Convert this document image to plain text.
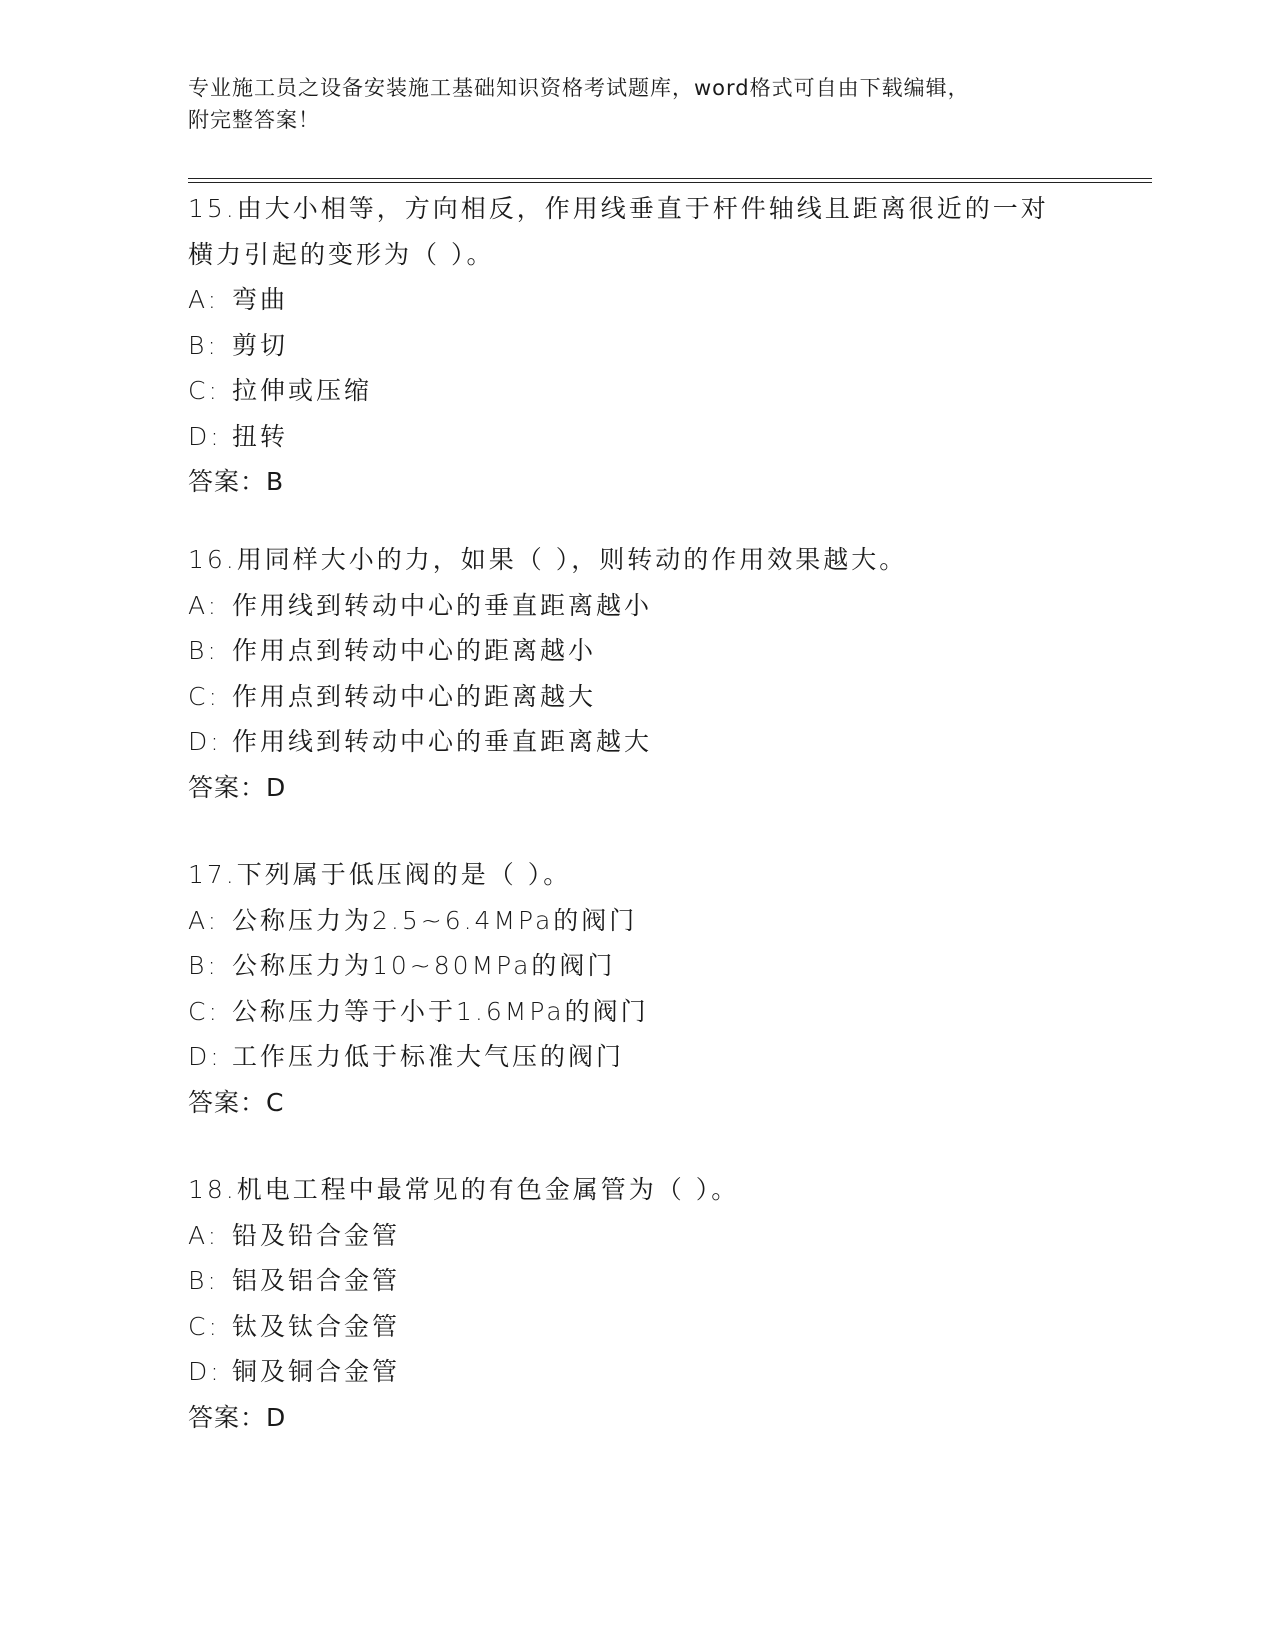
专业施工员之设备安装施工基础知识资格考试题库，word格式可自由下载编辑，
附完整答案！
15.由大小相等，方向相反，作用线垂直于杆件轴线且距离很近的一对
横力引起的变形为（ ）。
A: 弯曲
B: 剪切
C: 拉伸或压缩
D: 扭转
答案：B
16.用同样大小的力，如果（ ），则转动的作用效果越大。
A: 作用线到转动中心的垂直距离越小
B: 作用点到转动中心的距离越小
C: 作用点到转动中心的距离越大
D: 作用线到转动中心的垂直距离越大
答案：D
17.下列属于低压阀的是（ ）。
A: 公称压力为2.5~6.4MPa的阀门
B: 公称压力为10~80MPa的阀门
C: 公称压力等于小于1.6MPa的阀门
D: 工作压力低于标准大气压的阀门
答案：C
18.机电工程中最常见的有色金属管为（ ）。
A: 铅及铅合金管
B: 铝及铝合金管
C: 钛及钛合金管
D: 铜及铜合金管
答案：D
